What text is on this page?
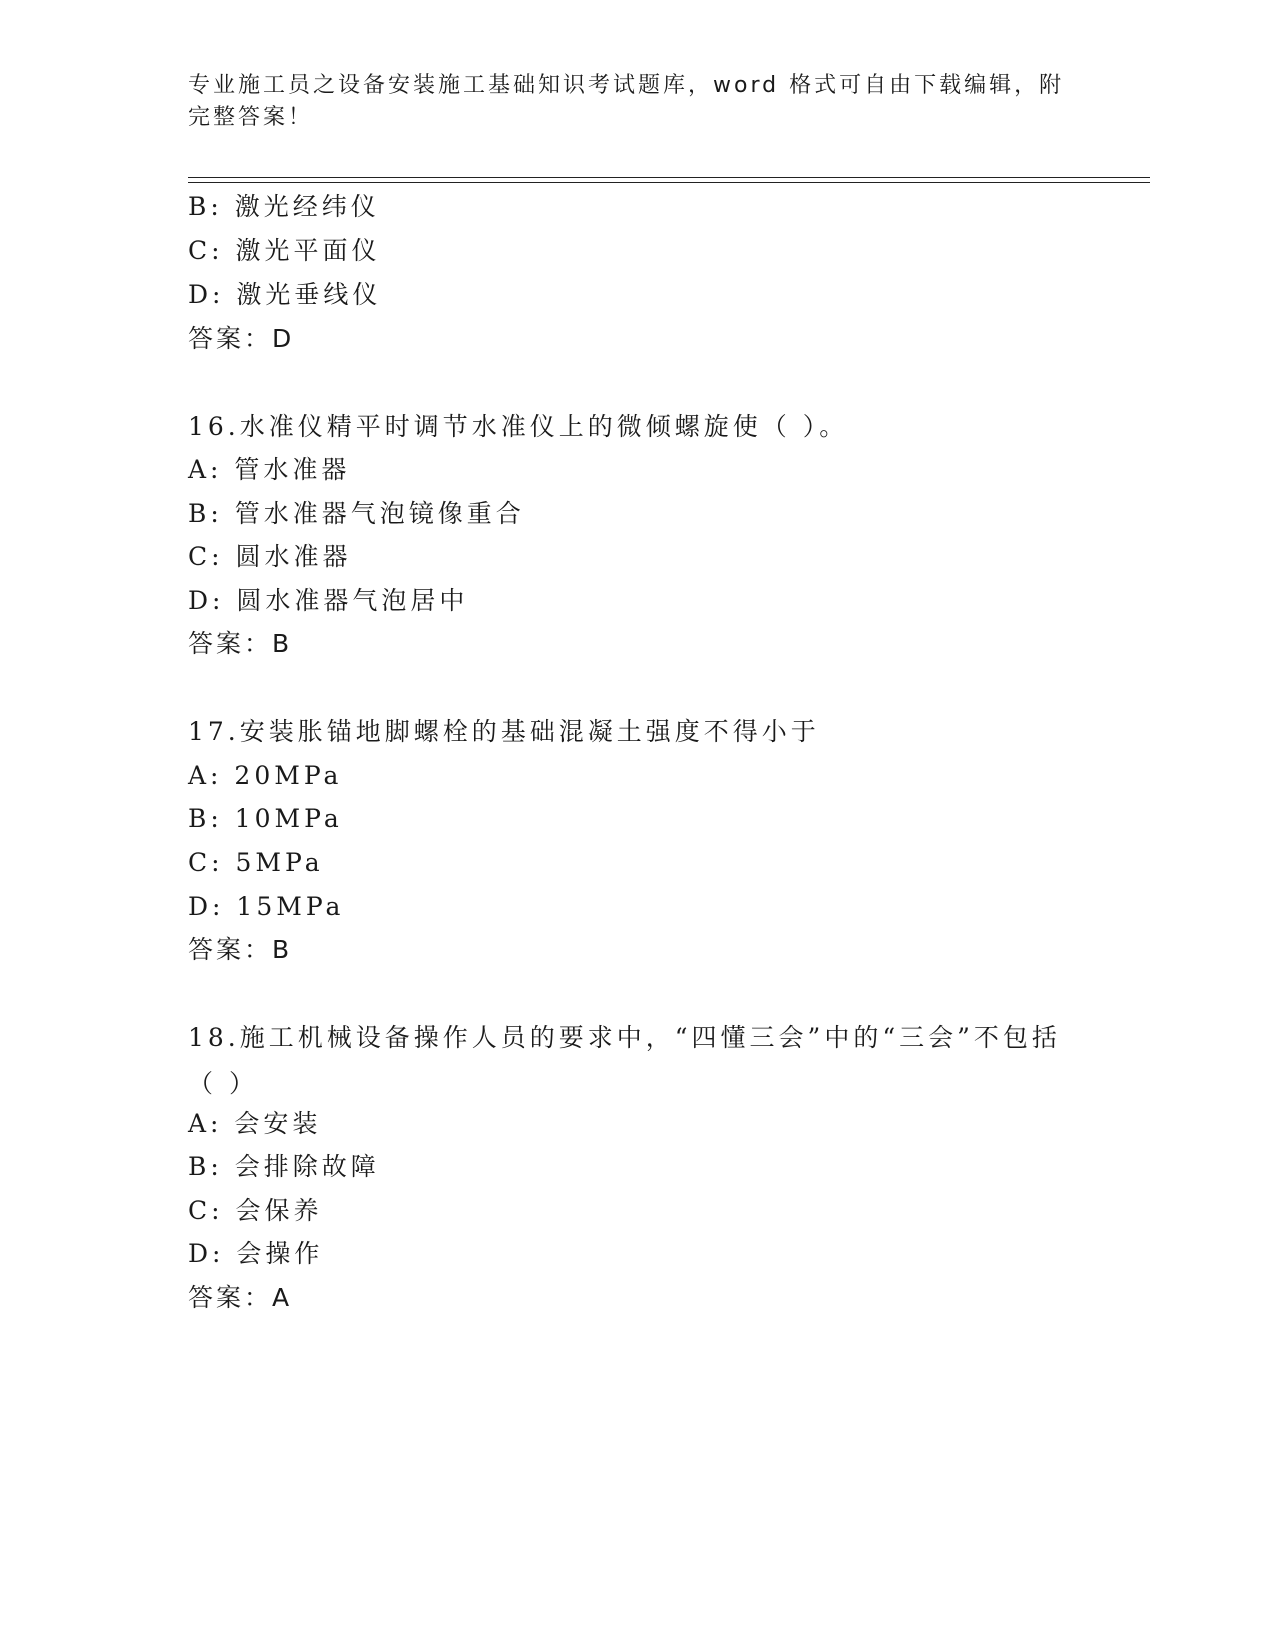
专业施工员之设备安装施工基础知识考试题库，word 格式可自由下载编辑，附完整答案！
B: 激光经纬仪
C: 激光平面仪
D: 激光垂线仪
答案：D
16.水准仪精平时调节水准仪上的微倾螺旋使（ ）。
A: 管水准器
B: 管水准器气泡镜像重合
C: 圆水准器
D: 圆水准器气泡居中
答案：B
17.安装胀锚地脚螺栓的基础混凝土强度不得小于
A: 20MPa
B: 10MPa
C: 5MPa
D: 15MPa
答案：B
18.施工机械设备操作人员的要求中，“四懂三会”中的“三会”不包括（ ）
A: 会安装
B: 会排除故障
C: 会保养
D: 会操作
答案：A
